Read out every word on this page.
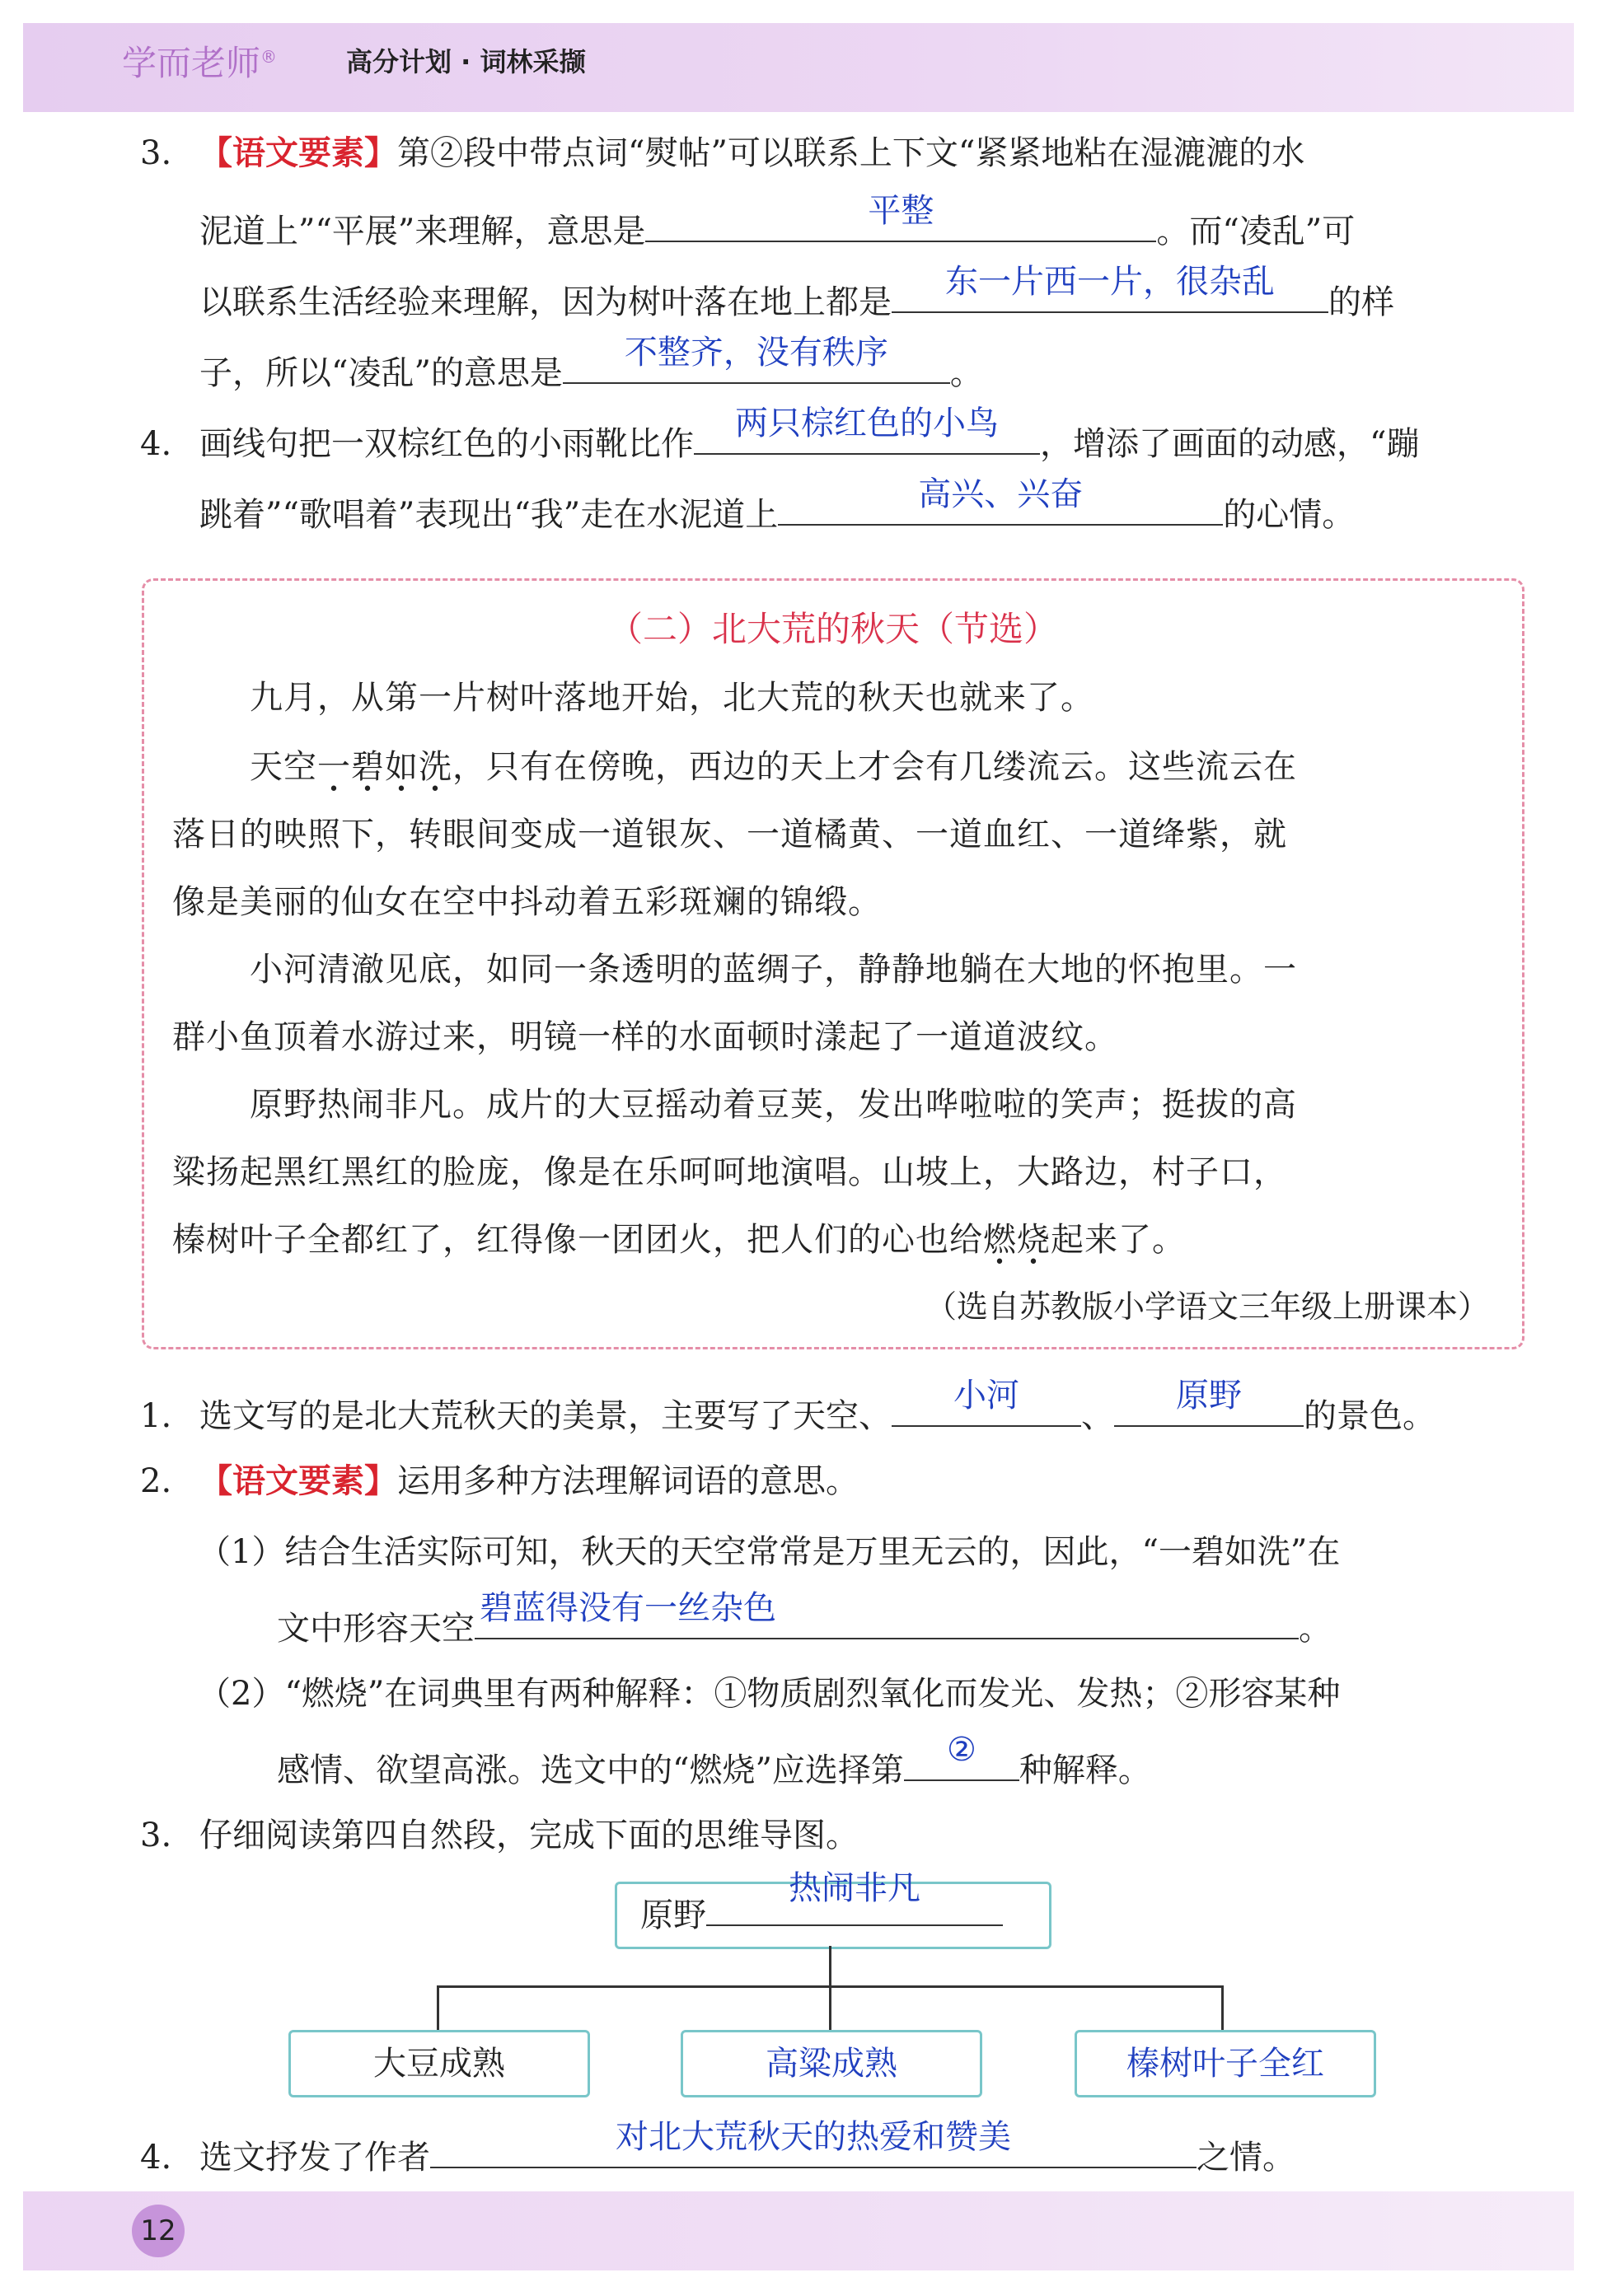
学而老师®	高分计划 · 词林采撷
3. 【语文要素】第②段中带点词“熨帖”可以联系上下文“紧紧地粘在湿漉漉的水
泥道上”“平展”来理解，意思是
平整
。而“凌乱”可
以联系生活经验来理解，因为树叶落在地上都是
东一片西一片，很杂乱
的样
子，所以“凌乱”的意思是
不整齐，没有秩序
。
4. 画线句把一双棕红色的小雨靴比作
两只棕红色的小鸟
，增添了画面的动感，“蹦
跳着”“歌唱着”表现出“我”走在水泥道上
高兴、兴奋
的心情。
（二）北大荒的秋天（节选）
九月，从第一片树叶落地开始，北大荒的秋天也就来了。
天空一碧如洗，只有在傍晚，西边的天上才会有几缕流云。这些流云在
落日的映照下，转眼间变成一道银灰、一道橘黄、一道血红、一道绛紫，就
像是美丽的仙女在空中抖动着五彩斑斓的锦缎。
小河清澈见底，如同一条透明的蓝绸子，静静地躺在大地的怀抱里。一
群小鱼顶着水游过来，明镜一样的水面顿时漾起了一道道波纹。
原野热闹非凡。成片的大豆摇动着豆荚，发出哗啦啦的笑声；挺拔的高
粱扬起黑红黑红的脸庞，像是在乐呵呵地演唱。山坡上，大路边，村子口，
榛树叶子全都红了，红得像一团团火，把人们的心也给燃烧起来了。
（选自苏教版小学语文三年级上册课本）
1. 选文写的是北大荒秋天的美景，主要写了天空、
小河
、
原野
的景色。
2. 【语文要素】运用多种方法理解词语的意思。
（1）结合生活实际可知，秋天的天空常常是万里无云的，因此，“一碧如洗”在
文中形容天空
碧蓝得没有一丝杂色
。
（2）“燃烧”在词典里有两种解释：①物质剧烈氧化而发光、发热；②形容某种
感情、欲望高涨。选文中的“燃烧”应选择第
②
种解释。
3. 仔细阅读第四自然段，完成下面的思维导图。
原野
热闹非凡
大豆成熟	高粱成熟	榛树叶子全红
4. 选文抒发了作者
对北大荒秋天的热爱和赞美
之情。
12
